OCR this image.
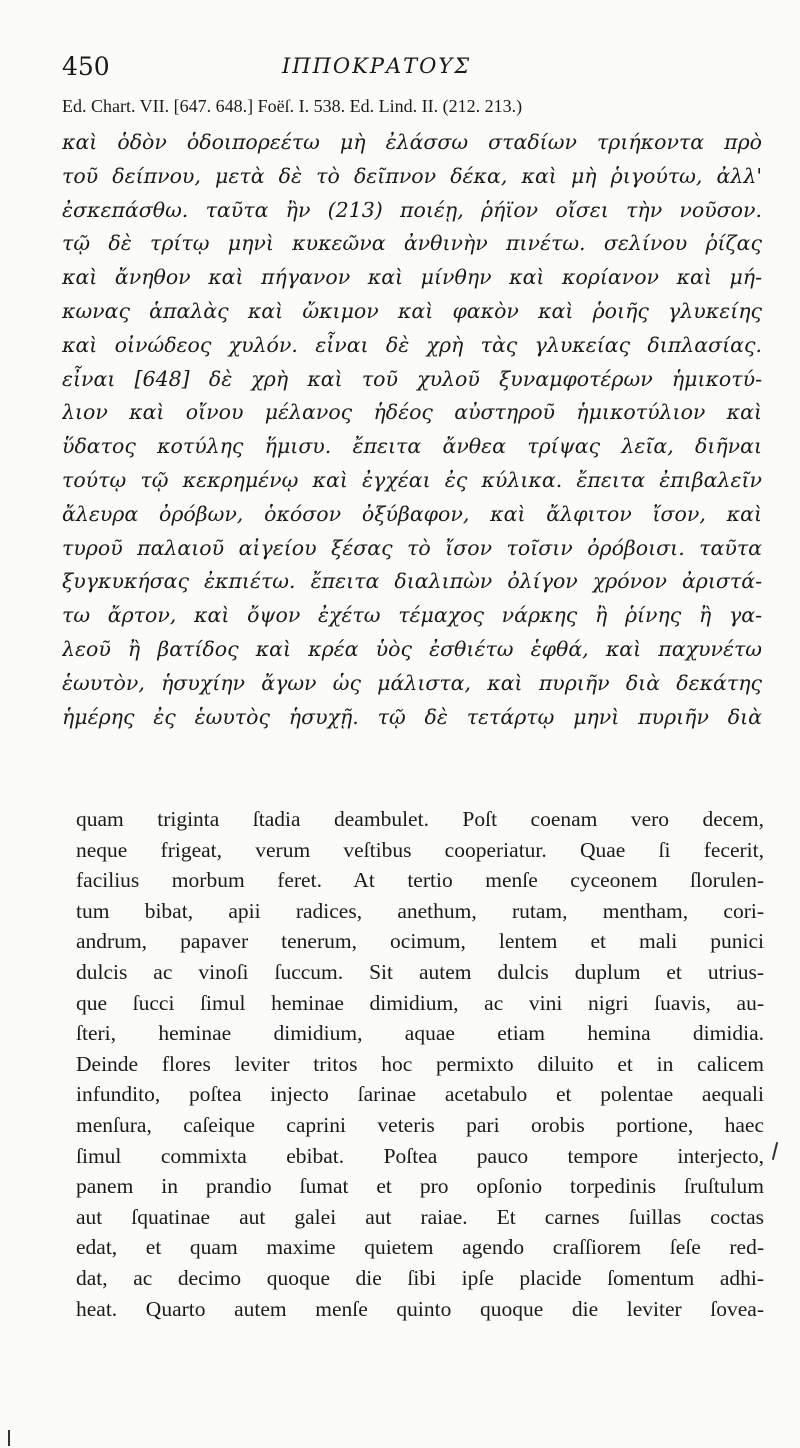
450	ΙΠΠΟΚΡΑΤΟΥΣ
Ed. Chart. VII. [647. 648.] Foëſ. I. 538. Ed. Lind. II. (212. 213.)
καὶ ὁδὸν ὁδοιπορεέτω μὴ ἐλάσσω σταδίων τριήκοντα πρὸ
τοῦ δείπνου, μετὰ δὲ τὸ δεῖπνον δέκα, καὶ μὴ ῥιγούτω, ἀλλ'
ἐσκεπάσθω. ταῦτα ἢν (213) ποιέῃ, ῥήϊον οἴσει τὴν νοῦσον.
τῷ δὲ τρίτῳ μηνὶ κυκεῶνα ἀνθινὴν πινέτω. σελίνου ῥίζας
καὶ ἄνηθον καὶ πήγανον καὶ μίνθην καὶ κορίανον καὶ μή-
κωνας ἁπαλὰς καὶ ὤκιμον καὶ φακὸν καὶ ῥοιῆς γλυκείης
καὶ οἰνώδεος χυλόν. εἶναι δὲ χρὴ τὰς γλυκείας διπλασίας.
εἶναι [648] δὲ χρὴ καὶ τοῦ χυλοῦ ξυναμφοτέρων ἡμικοτύ-
λιον καὶ οἴνου μέλανος ἡδέος αὐστηροῦ ἡμικοτύλιον καὶ
ὕδατος κοτύλης ἥμισυ. ἔπειτα ἄνθεα τρίψας λεῖα, διῆναι
τούτῳ τῷ κεκρημένῳ καὶ ἐγχέαι ἐς κύλικα. ἔπειτα ἐπιβαλεῖν
ἄλευρα ὀρόβων, ὁκόσον ὀξύβαφον, καὶ ἄλφιτον ἴσον, καὶ
τυροῦ παλαιοῦ αἰγείου ξέσας τὸ ἴσον τοῖσιν ὀρόβοισι. ταῦτα
ξυγκυκήσας ἐκπιέτω. ἔπειτα διαλιπὼν ὀλίγον χρόνον ἀριστά-
τω ἄρτον, καὶ ὄψον ἐχέτω τέμαχος νάρκης ἢ ῥίνης ἢ γα-
λεοῦ ἢ βατίδος καὶ κρέα ὑὸς ἐσθιέτω ἑφθά, καὶ παχυνέτω
ἑωυτὸν, ἡσυχίην ἄγων ὡς μάλιστα, καὶ πυριῆν διὰ δεκάτης
ἡμέρης ἐς ἑωυτὸς ἡσυχῇ. τῷ δὲ τετάρτῳ μηνὶ πυριῆν διὰ
quam triginta ſtadia deambulet. Poſt coenam vero decem,
neque frigeat, verum veſtibus cooperiatur. Quae ſi fecerit,
facilius morbum feret. At tertio menſe cyceonem ſlorulen-
tum bibat, apii radices, anethum, rutam, mentham, cori-
andrum, papaver tenerum, ocimum, lentem et mali punici
dulcis ac vinoſi ſuccum. Sit autem dulcis duplum et utrius-
que ſucci ſimul heminae dimidium, ac vini nigri ſuavis, au-
ſteri, heminae dimidium, aquae etiam hemina dimidia.
Deinde flores leviter tritos hoc permixto diluito et in calicem
infundito, poſtea injecto ſarinae acetabulo et polentae aequali
menſura, caſeique caprini veteris pari orobis portione, haec
ſimul commixta ebibat. Poſtea pauco tempore interjecto,
panem in prandio ſumat et pro opſonio torpedinis ſruſtulum
aut ſquatinae aut galei aut raiae. Et carnes ſuillas coctas
edat, et quam maxime quietem agendo craſſiorem ſeſe red-
dat, ac decimo quoque die ſibi ipſe placide ſomentum adhi-
heat. Quarto autem menſe quinto quoque die leviter ſovea-
